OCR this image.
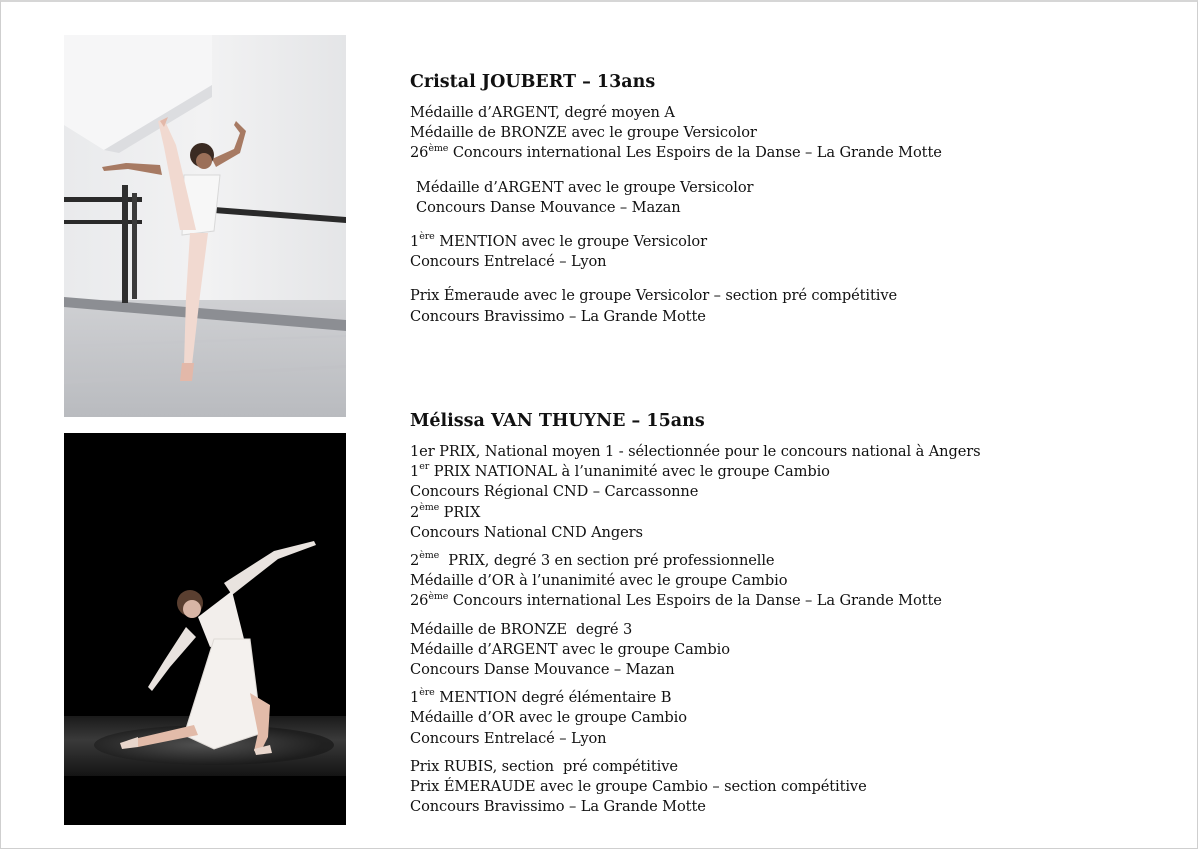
Cristal JOUBERT – 13ans
Médaille d’ARGENT, degré moyen A
Médaille de BRONZE avec le groupe Versicolor
26ème Concours international Les Espoirs de la Danse – La Grande Motte
Médaille d’ARGENT avec le groupe Versicolor
Concours Danse Mouvance – Mazan
1ère MENTION avec le groupe Versicolor
Concours Entrelacé – Lyon
Prix Émeraude avec le groupe Versicolor – section pré compétitive
Concours Bravissimo – La Grande Motte
Mélissa VAN THUYNE – 15ans
1er PRIX, National moyen 1 - sélectionnée pour le concours national à Angers
1er PRIX NATIONAL à l’unanimité avec le groupe Cambio
Concours Régional CND – Carcassonne
2ème PRIX
Concours National CND Angers
2ème  PRIX, degré 3 en section pré professionnelle
Médaille d’OR à l’unanimité avec le groupe Cambio
26ème Concours international Les Espoirs de la Danse – La Grande Motte
Médaille de BRONZE  degré 3
Médaille d’ARGENT avec le groupe Cambio
Concours Danse Mouvance – Mazan
1ère MENTION degré élémentaire B
Médaille d’OR avec le groupe Cambio
Concours Entrelacé – Lyon
Prix RUBIS, section  pré compétitive
Prix ÉMERAUDE avec le groupe Cambio – section compétitive
Concours Bravissimo – La Grande Motte
